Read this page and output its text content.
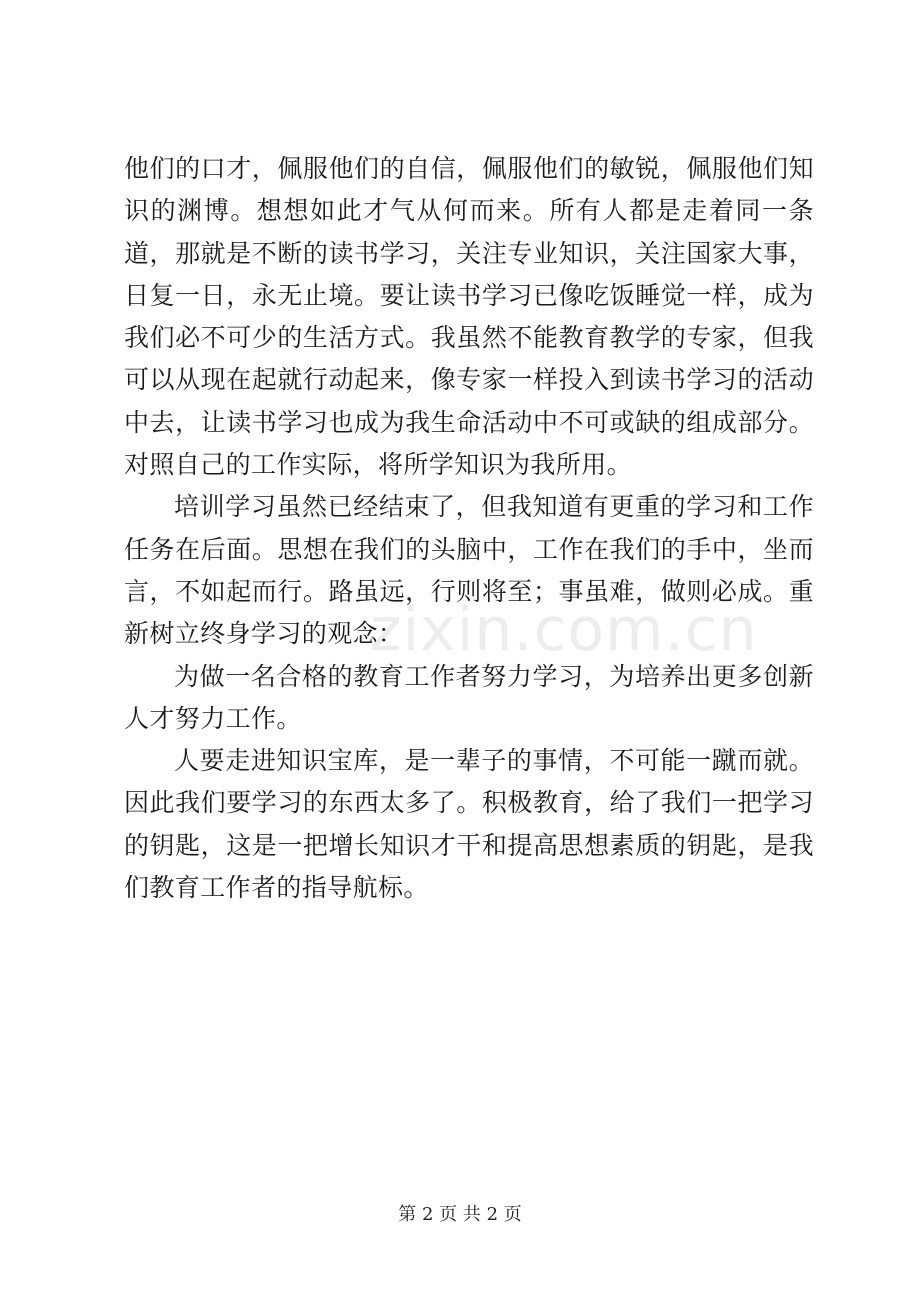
他们的口才，佩服他们的自信，佩服他们的敏锐，佩服他们知识的渊博。想想如此才气从何而来。所有人都是走着同一条道，那就是不断的读书学习，关注专业知识，关注国家大事，日复一日，永无止境。要让读书学习已像吃饭睡觉一样，成为我们必不可少的生活方式。我虽然不能教育教学的专家，但我可以从现在起就行动起来，像专家一样投入到读书学习的活动中去，让读书学习也成为我生命活动中不可或缺的组成部分。对照自己的工作实际，将所学知识为我所用。

培训学习虽然已经结束了，但我知道有更重的学习和工作任务在后面。思想在我们的头脑中，工作在我们的手中，坐而言，不如起而行。路虽远，行则将至；事虽难，做则必成。重新树立终身学习的观念：

为做一名合格的教育工作者努力学习，为培养出更多创新人才努力工作。

人要走进知识宝库，是一辈子的事情，不可能一蹴而就。因此我们要学习的东西太多了。积极教育，给了我们一把学习的钥匙，这是一把增长知识才干和提高思想素质的钥匙，是我们教育工作者的指导航标。

zixin.com.cn
第 2 页 共 2 页
